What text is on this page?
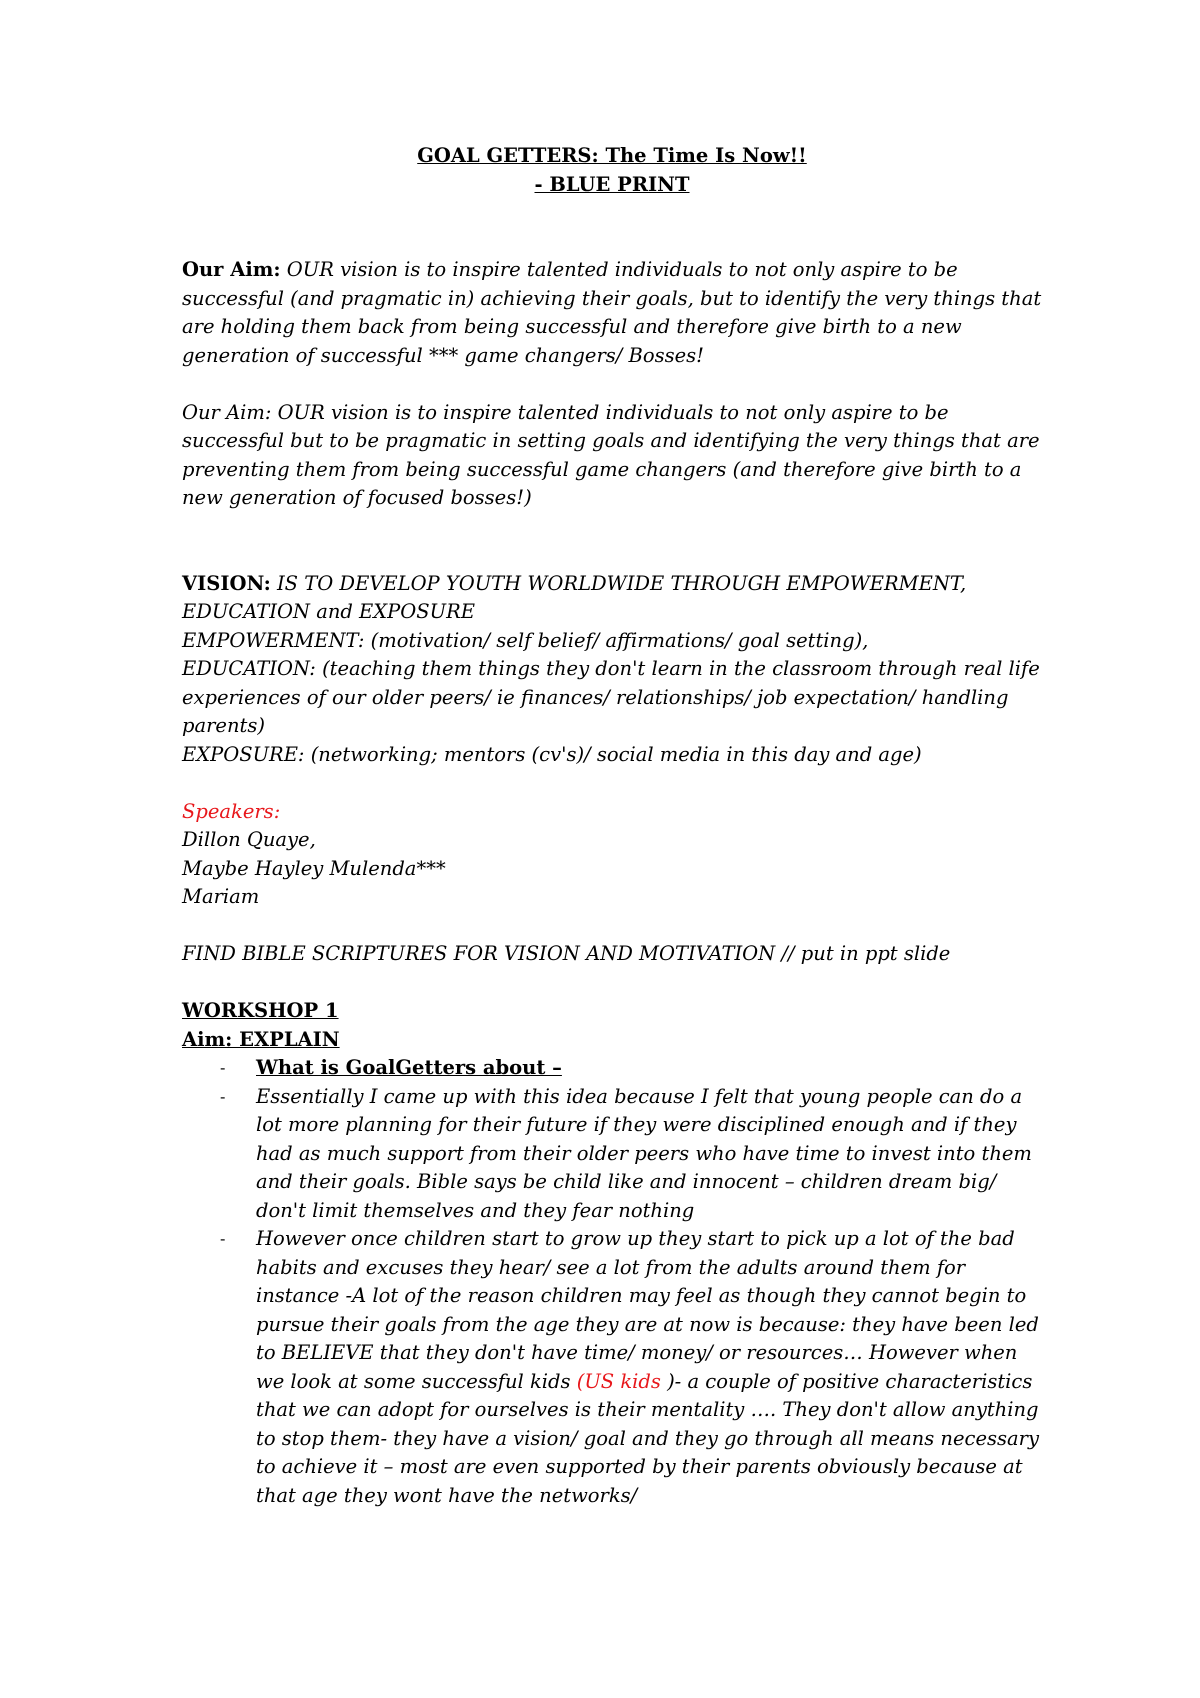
GOAL GETTERS: The Time Is Now!!

- BLUE PRINT

Our Aim: OUR vision is to inspire talented individuals to not only aspire to be successful (and pragmatic in) achieving their goals, but to identify the very things that are holding them back from being successful and therefore give birth to a new generation of successful *** game changers/ Bosses!

Our Aim: OUR vision is to inspire talented individuals to not only aspire to be successful but to be pragmatic in setting goals and identifying the very things that are preventing them from being successful game changers (and therefore give birth to a new generation of focused bosses!)

VISION: IS TO DEVELOP YOUTH WORLDWIDE THROUGH EMPOWERMENT, EDUCATION and EXPOSURE

EMPOWERMENT: (motivation/ self belief/ affirmations/ goal setting),

EDUCATION: (teaching them things they don't learn in the classroom through real life experiences of our older peers/ ie finances/ relationships/ job expectation/ handling parents)

EXPOSURE: (networking; mentors (cv's)/ social media in this day and age)

Speakers:

Dillon Quaye,

Maybe Hayley Mulenda***

Mariam

FIND BIBLE SCRIPTURES FOR VISION AND MOTIVATION // put in ppt slide

WORKSHOP 1

Aim: EXPLAIN

- What is GoalGetters about –
- Essentially I came up with this idea because I felt that young people can do a lot more planning for their future if they were disciplined enough and if they had as much support from their older peers who have time to invest into them and their goals. Bible says be child like and innocent – children dream big/ don't limit themselves and they fear nothing
- However once children start to grow up they start to pick up a lot of the bad habits and excuses they hear/ see a lot from the adults around them for instance -A lot of the reason children may feel as though they cannot begin to pursue their goals from the age they are at now is because: they have been led to BELIEVE that they don't have time/ money/ or resources… However when we look at some successful kids (US kids )- a couple of positive characteristics that we can adopt for ourselves is their mentality …. They don't allow anything to stop them- they have a vision/ goal and they go through all means necessary to achieve it – most are even supported by their parents obviously because at that age they wont have the networks/
